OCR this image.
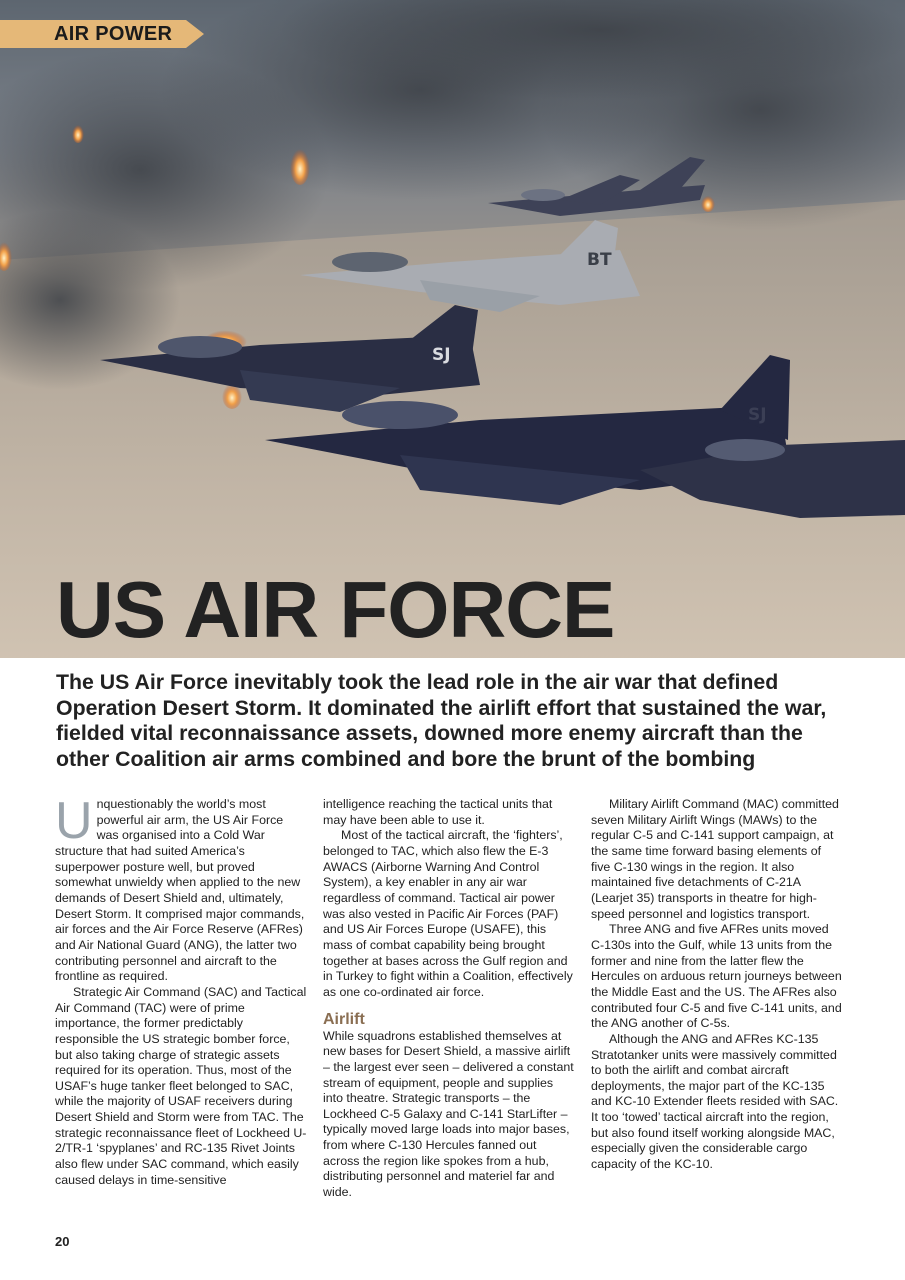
BT
SJ
SJ
AIR POWER
US AIR FORCE

The US Air Force inevitably took the lead role in the air war that defined Operation Desert Storm. It dominated the airlift effort that sustained the war, fielded vital reconnaissance assets, downed more enemy aircraft than the other Coalition air arms combined and bore the brunt of the bombing

Unquestionably the world’s most powerful air arm, the US Air Force was organised into a Cold War structure that had suited America’s superpower posture well, but proved somewhat unwieldy when applied to the new demands of Desert Shield and, ultimately, Desert Storm. It comprised major commands, air forces and the Air Force Reserve (AFRes) and Air National Guard (ANG), the latter two contributing personnel and aircraft to the frontline as required.

Strategic Air Command (SAC) and Tactical Air Command (TAC) were of prime importance, the former predictably responsible the US strategic bomber force, but also taking charge of strategic assets required for its operation. Thus, most of the USAF’s huge tanker fleet belonged to SAC, while the majority of USAF receivers during Desert Shield and Storm were from TAC. The strategic reconnaissance fleet of Lockheed U-2/TR-1 ‘spyplanes’ and RC-135 Rivet Joints also flew under SAC command, which easily caused delays in time-sensitive

intelligence reaching the tactical units that may have been able to use it.

Most of the tactical aircraft, the ‘fighters’, belonged to TAC, which also flew the E-3 AWACS (Airborne Warning And Control System), a key enabler in any air war regardless of command. Tactical air power was also vested in Pacific Air Forces (PAF) and US Air Forces Europe (USAFE), this mass of combat capability being brought together at bases across the Gulf region and in Turkey to fight within a Coalition, effectively as one co-ordinated air force.

Airlift

While squadrons established themselves at new bases for Desert Shield, a massive airlift – the largest ever seen – delivered a constant stream of equipment, people and supplies into theatre. Strategic transports – the Lockheed C-5 Galaxy and C-141 StarLifter – typically moved large loads into major bases, from where C-130 Hercules fanned out across the region like spokes from a hub, distributing personnel and materiel far and wide.

Military Airlift Command (MAC) committed seven Military Airlift Wings (MAWs) to the regular C-5 and C-141 support campaign, at the same time forward basing elements of five C-130 wings in the region. It also maintained five detachments of C-21A (Learjet 35) transports in theatre for high-speed personnel and logistics transport.

Three ANG and five AFRes units moved C-130s into the Gulf, while 13 units from the former and nine from the latter flew the Hercules on arduous return journeys between the Middle East and the US. The AFRes also contributed four C-5 and five C-141 units, and the ANG another of C-5s.

Although the ANG and AFRes KC-135 Stratotanker units were massively committed to both the airlift and combat aircraft deployments, the major part of the KC-135 and KC-10 Extender fleets resided with SAC. It too ‘towed’ tactical aircraft into the region, but also found itself working alongside MAC, especially given the considerable cargo capacity of the KC-10.

20
